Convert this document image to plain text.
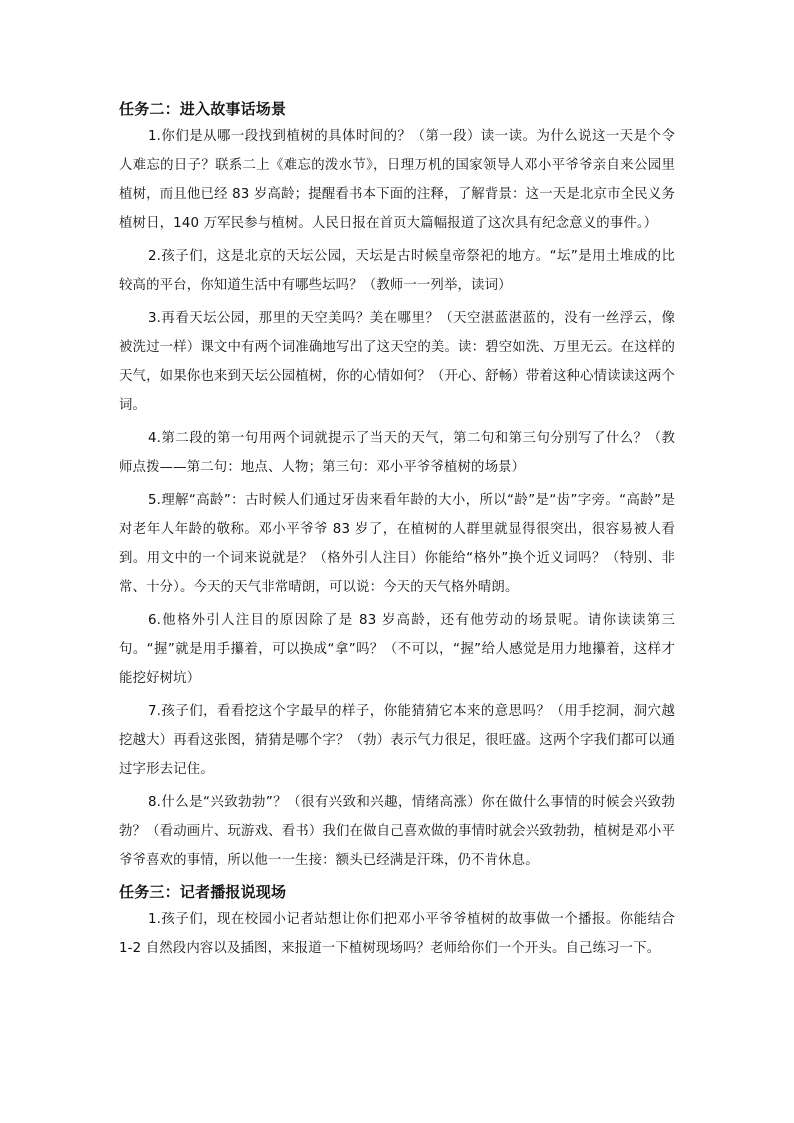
任务二：进入故事话场景

1.你们是从哪一段找到植树的具体时间的？（第一段）读一读。为什么说这一天是个令人难忘的日子？联系二上《难忘的泼水节》，日理万机的国家领导人邓小平爷爷亲自来公园里植树，而且他已经 83 岁高龄；提醒看书本下面的注释，了解背景：这一天是北京市全民义务植树日，140 万军民参与植树。人民日报在首页大篇幅报道了这次具有纪念意义的事件。）

2.孩子们，这是北京的天坛公园，天坛是古时候皇帝祭祀的地方。“坛”是用土堆成的比较高的平台，你知道生活中有哪些坛吗？（教师一一列举，读词）

3.再看天坛公园，那里的天空美吗？美在哪里？（天空湛蓝湛蓝的，没有一丝浮云，像被洗过一样）课文中有两个词准确地写出了这天空的美。读：碧空如洗、万里无云。在这样的天气，如果你也来到天坛公园植树，你的心情如何？（开心、舒畅）带着这种心情读读这两个词。

4.第二段的第一句用两个词就提示了当天的天气，第二句和第三句分别写了什么？（教师点拨——第二句：地点、人物；第三句：邓小平爷爷植树的场景）

5.理解“高龄”：古时候人们通过牙齿来看年龄的大小，所以“龄”是“齿”字旁。“高龄”是对老年人年龄的敬称。邓小平爷爷 83 岁了，在植树的人群里就显得很突出，很容易被人看到。用文中的一个词来说就是？（格外引人注目）你能给“格外”换个近义词吗？（特别、非常、十分）。今天的天气非常晴朗，可以说：今天的天气格外晴朗。

6.他格外引人注目的原因除了是 83 岁高龄，还有他劳动的场景呢。请你读读第三句。“握”就是用手攥着，可以换成“拿”吗？（不可以，“握”给人感觉是用力地攥着，这样才能挖好树坑）

7.孩子们，看看挖这个字最早的样子，你能猜猜它本来的意思吗？（用手挖洞，洞穴越挖越大）再看这张图，猜猜是哪个字？（勃）表示气力很足，很旺盛。这两个字我们都可以通过字形去记住。

8.什么是“兴致勃勃”？（很有兴致和兴趣，情绪高涨）你在做什么事情的时候会兴致勃勃？（看动画片、玩游戏、看书）我们在做自己喜欢做的事情时就会兴致勃勃，植树是邓小平爷爷喜欢的事情，所以他一一生接：额头已经满是汗珠，仍不肯休息。

任务三：记者播报说现场

1.孩子们，现在校园小记者站想让你们把邓小平爷爷植树的故事做一个播报。你能结合 1-2 自然段内容以及插图，来报道一下植树现场吗？老师给你们一个开头。自己练习一下。
